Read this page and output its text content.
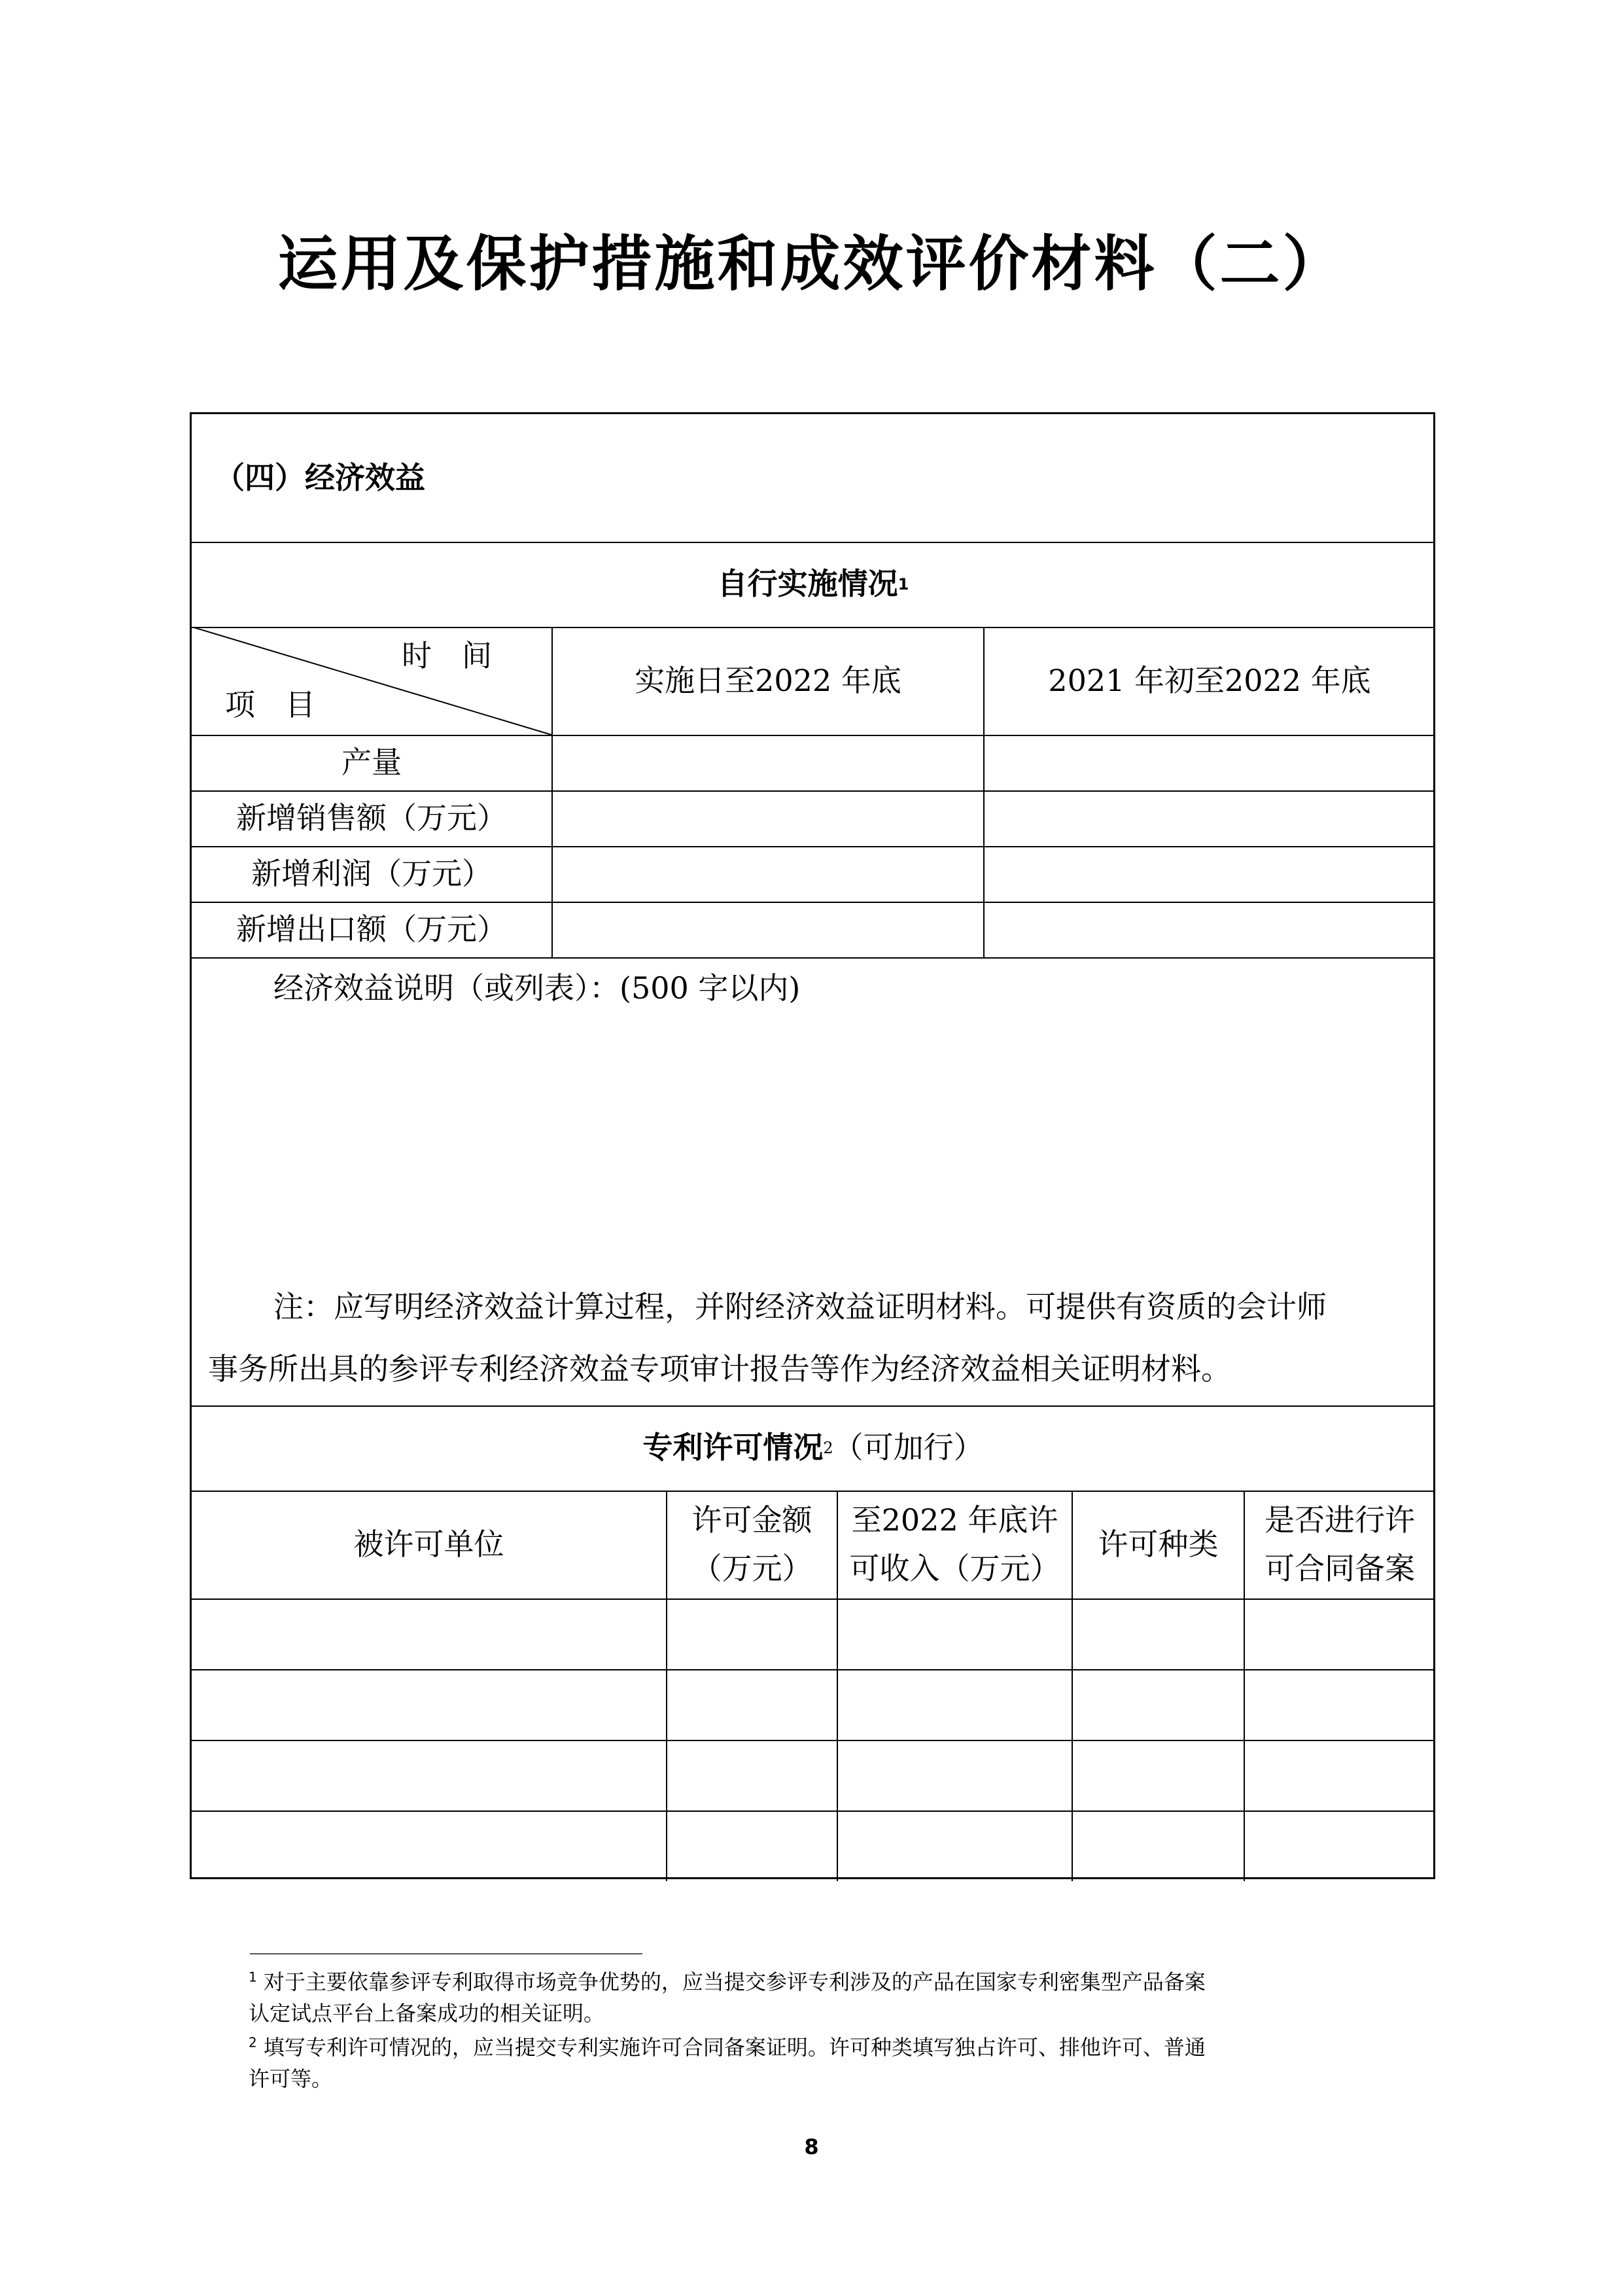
运用及保护措施和成效评价材料（二）
（四）经济效益
自行实施情况 1
时　间
项　目
实施日至2022 年底	2021 年初至2022 年底
产量
新增销售额（万元）
新增利润（万元）
新增出口额（万元）
经济效益说明（或列表）：(500 字以内)
注：应写明经济效益计算过程，并附经济效益证明材料。可提供有资质的会计师
事务所出具的参评专利经济效益专项审计报告等作为经济效益相关证明材料。
专利许可情况 2 （可加行）
被许可单位
许可金额
（万元）
至2022 年底许
可收入（万元）
许可种类
是否进行许
可合同备案
$^1$ 对于主要依靠参评专利取得市场竞争优势的，应当提交参评专利涉及的产品在国家专利密集型产品备案
认定试点平台上备案成功的相关证明。
$^2$ 填写专利许可情况的，应当提交专利实施许可合同备案证明。许可种类填写独占许可、排他许可、普通
许可等。
8
